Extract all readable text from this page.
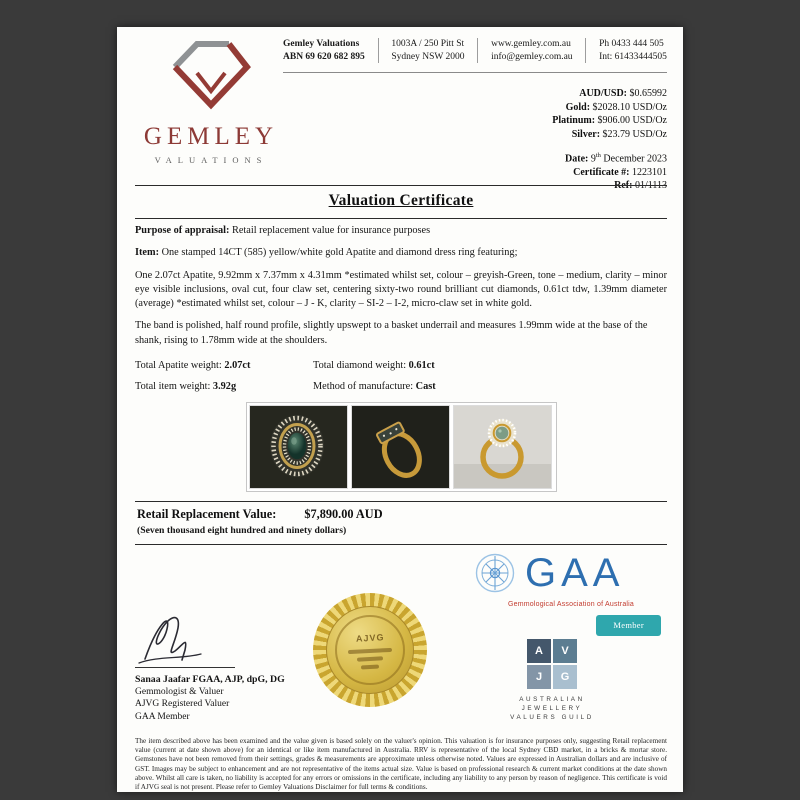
Gemley Valuations
ABN 69 620 682 895
1003A / 250 Pitt St
Sydney NSW 2000
www.gemley.com.au
info@gemley.com.au
Ph 0433 444 505
Int: 61433444505
GEMLEY
VALUATIONS
AUD/USD: $0.65992
Gold: $2028.10 USD/Oz
Platinum: $906.00 USD/Oz
Silver: $23.79 USD/Oz
Date: 9th December 2023
Certificate #: 1223101
Ref: 01/1113
Valuation Certificate
Purpose of appraisal: Retail replacement value for insurance purposes
Item: One stamped 14CT (585) yellow/white gold Apatite and diamond dress ring featuring;
One 2.07ct Apatite, 9.92mm x 7.37mm x 4.31mm *estimated whilst set, colour – greyish-Green, tone – medium, clarity – minor eye visible inclusions, oval cut, four claw set, centering sixty-two round brilliant cut diamonds, 0.61ct tdw, 1.39mm diameter (average) *estimated whilst set, colour – J - K, clarity – SI-2 – I-2, micro-claw set in white gold.
The band is polished, half round profile, slightly upswept to a basket underrail and measures 1.99mm wide at the base of the shank, rising to 1.78mm wide at the shoulders.
Total Apatite weight: 2.07ct	Total diamond weight: 0.61ct
Total item weight: 3.92g	Method of manufacture: Cast
Retail Replacement Value: $7,890.00 AUD
(Seven thousand eight hundred and ninety dollars)
Sanaa Jaafar FGAA, AJP, dpG, DG
Gemmologist & Valuer
AJVG Registered Valuer
GAA Member
AJVG
GAA
Gemmological Association of Australia
Member
A	V
J	G
AUSTRALIAN JEWELLERY
VALUERS GUILD
The item described above has been examined and the value given is based solely on the valuer's opinion. This valuation is for insurance purposes only, suggesting Retail replacement value (current at date shown above) for an identical or like item manufactured in Australia. RRV is representative of the local Sydney CBD market, in a bricks & mortar store. Gemstones have not been removed from their settings, grades & measurements are approximate unless otherwise noted. Values are expressed in Australian dollars and are inclusive of GST. Images may be subject to enhancement and are not representative of the items actual size. Value is based on professional research & current market conditions at the date shown above. Whilst all care is taken, no liability is accepted for any errors or omissions in the certificate, including any liability to any person by reason of negligence. This certificate is void if AJVG seal is not present. Please refer to Gemley Valuations Disclaimer for full terms & conditions.
